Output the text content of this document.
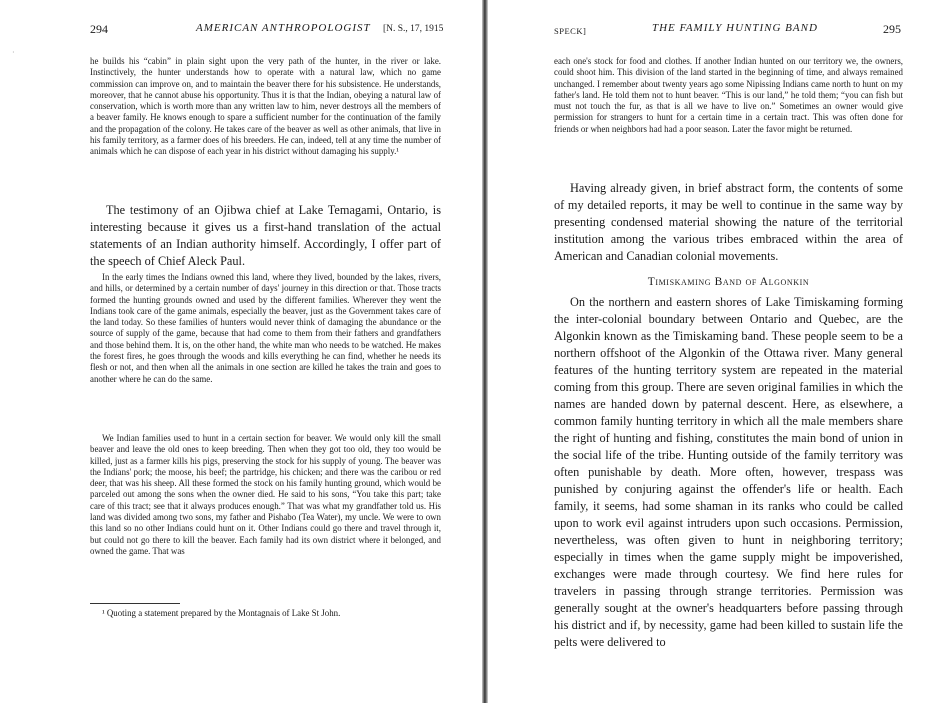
·
294	AMERICAN ANTHROPOLOGIST [N. S., 17, 1915

he builds his “cabin” in plain sight upon the very path of the hunter, in the river or lake. Instinctively, the hunter understands how to operate with a natural law, which no game commission can improve on, and to maintain the beaver there for his subsistence. He understands, moreover, that he cannot abuse his opportunity. Thus it is that the Indian, obeying a natural law of conservation, which is worth more than any written law to him, never destroys all the members of a beaver family. He knows enough to spare a sufficient number for the continuation of the family and the propagation of the colony. He takes care of the beaver as well as other animals, that live in his family territory, as a farmer does of his breeders. He can, indeed, tell at any time the number of animals which he can dispose of each year in his district without damaging his supply.¹

The testimony of an Ojibwa chief at Lake Temagami, Ontario, is interesting because it gives us a first-hand translation of the actual statements of an Indian authority himself. Accordingly, I offer part of the speech of Chief Aleck Paul.

In the early times the Indians owned this land, where they lived, bounded by the lakes, rivers, and hills, or determined by a certain number of days' journey in this direction or that. Those tracts formed the hunting grounds owned and used by the different families. Wherever they went the Indians took care of the game animals, especially the beaver, just as the Government takes care of the land today. So these families of hunters would never think of damaging the abundance or the source of supply of the game, because that had come to them from their fathers and grandfathers and those behind them. It is, on the other hand, the white man who needs to be watched. He makes the forest fires, he goes through the woods and kills everything he can find, whether he needs its flesh or not, and then when all the animals in one section are killed he takes the train and goes to another where he can do the same.

We Indian families used to hunt in a certain section for beaver. We would only kill the small beaver and leave the old ones to keep breeding. Then when they got too old, they too would be killed, just as a farmer kills his pigs, preserving the stock for his supply of young. The beaver was the Indians' pork; the moose, his beef; the partridge, his chicken; and there was the caribou or red deer, that was his sheep. All these formed the stock on his family hunting ground, which would be parceled out among the sons when the owner died. He said to his sons, “You take this part; take care of this tract; see that it always produces enough.” That was what my grandfather told us. His land was divided among two sons, my father and Pishabo (Tea Water), my uncle. We were to own this land so no other Indians could hunt on it. Other Indians could go there and travel through it, but could not go there to kill the beaver. Each family had its own district where it belonged, and owned the game. That was

¹ Quoting a statement prepared by the Montagnais of Lake St John.

SPECK]	THE FAMILY HUNTING BAND	295

each one's stock for food and clothes. If another Indian hunted on our territory we, the owners, could shoot him. This division of the land started in the beginning of time, and always remained unchanged. I remember about twenty years ago some Nipissing Indians came north to hunt on my father's land. He told them not to hunt beaver. “This is our land,” he told them; “you can fish but must not touch the fur, as that is all we have to live on.” Sometimes an owner would give permission for strangers to hunt for a certain time in a certain tract. This was often done for friends or when neighbors had had a poor season. Later the favor might be returned.

Having already given, in brief abstract form, the contents of some of my detailed reports, it may be well to continue in the same way by presenting condensed material showing the nature of the territorial institution among the various tribes embraced within the area of American and Canadian colonial movements.

Timiskaming Band of Algonkin

On the northern and eastern shores of Lake Timiskaming forming the inter-colonial boundary between Ontario and Quebec, are the Algonkin known as the Timiskaming band. These people seem to be a northern offshoot of the Algonkin of the Ottawa river. Many general features of the hunting territory system are repeated in the material coming from this group. There are seven original families in which the names are handed down by paternal descent. Here, as elsewhere, a common family hunting territory in which all the male members share the right of hunting and fishing, constitutes the main bond of union in the social life of the tribe. Hunting outside of the family territory was often punishable by death. More often, however, trespass was punished by conjuring against the offender's life or health. Each family, it seems, had some shaman in its ranks who could be called upon to work evil against intruders upon such occasions. Permission, nevertheless, was often given to hunt in neighboring territory; especially in times when the game supply might be impoverished, exchanges were made through courtesy. We find here rules for travelers in passing through strange territories. Permission was generally sought at the owner's headquarters before passing through his district and if, by necessity, game had been killed to sustain life the pelts were delivered to
